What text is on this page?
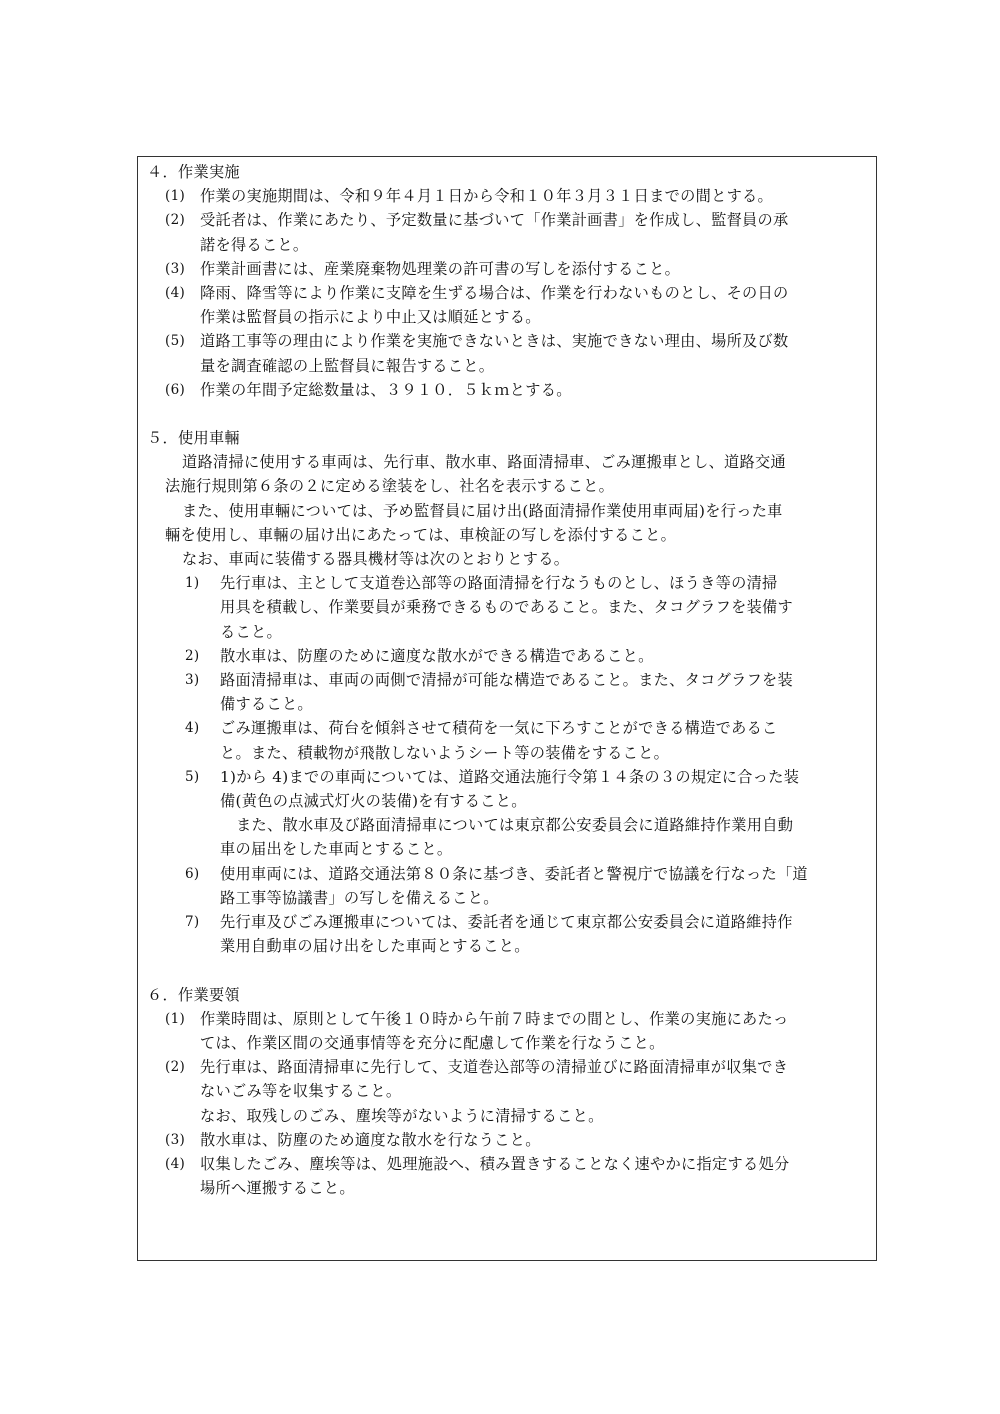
４．作業実施
(1) 作業の実施期間は、令和９年４月１日から令和１０年３月３１日までの間とする。
(2) 受託者は、作業にあたり、予定数量に基づいて「作業計画書」を作成し、監督員の承
諾を得ること。
(3) 作業計画書には、産業廃棄物処理業の許可書の写しを添付すること。
(4) 降雨、降雪等により作業に支障を生ずる場合は、作業を行わないものとし、その日の
作業は監督員の指示により中止又は順延とする。
(5) 道路工事等の理由により作業を実施できないときは、実施できない理由、場所及び数
量を調査確認の上監督員に報告すること。
(6) 作業の年間予定総数量は、３９１０．５ｋｍとする。
５．使用車輛
道路清掃に使用する車両は、先行車、散水車、路面清掃車、ごみ運搬車とし、道路交通
法施行規則第６条の２に定める塗装をし、社名を表示すること。
また、使用車輛については、予め監督員に届け出(路面清掃作業使用車両届)を行った車
輛を使用し、車輛の届け出にあたっては、車検証の写しを添付すること。
なお、車両に装備する器具機材等は次のとおりとする。
1) 先行車は、主として支道巻込部等の路面清掃を行なうものとし、ほうき等の清掃
用具を積載し、作業要員が乗務できるものであること。また、タコグラフを装備す
ること。
2) 散水車は、防塵のために適度な散水ができる構造であること。
3) 路面清掃車は、車両の両側で清掃が可能な構造であること。また、タコグラフを装
備すること。
4) ごみ運搬車は、荷台を傾斜させて積荷を一気に下ろすことができる構造であるこ
と。また、積載物が飛散しないようシート等の装備をすること。
5) 1)から 4)までの車両については、道路交通法施行令第１４条の３の規定に合った装
備(黄色の点滅式灯火の装備)を有すること。
また、散水車及び路面清掃車については東京都公安委員会に道路維持作業用自動
車の届出をした車両とすること。
6) 使用車両には、道路交通法第８０条に基づき、委託者と警視庁で協議を行なった「道
路工事等協議書」の写しを備えること。
7) 先行車及びごみ運搬車については、委託者を通じて東京都公安委員会に道路維持作
業用自動車の届け出をした車両とすること。
６．作業要領
(1) 作業時間は、原則として午後１０時から午前７時までの間とし、作業の実施にあたっ
ては、作業区間の交通事情等を充分に配慮して作業を行なうこと。
(2) 先行車は、路面清掃車に先行して、支道巻込部等の清掃並びに路面清掃車が収集でき
ないごみ等を収集すること。
なお、取残しのごみ、塵埃等がないように清掃すること。
(3) 散水車は、防塵のため適度な散水を行なうこと。
(4) 収集したごみ、塵埃等は、処理施設へ、積み置きすることなく速やかに指定する処分
場所へ運搬すること。
